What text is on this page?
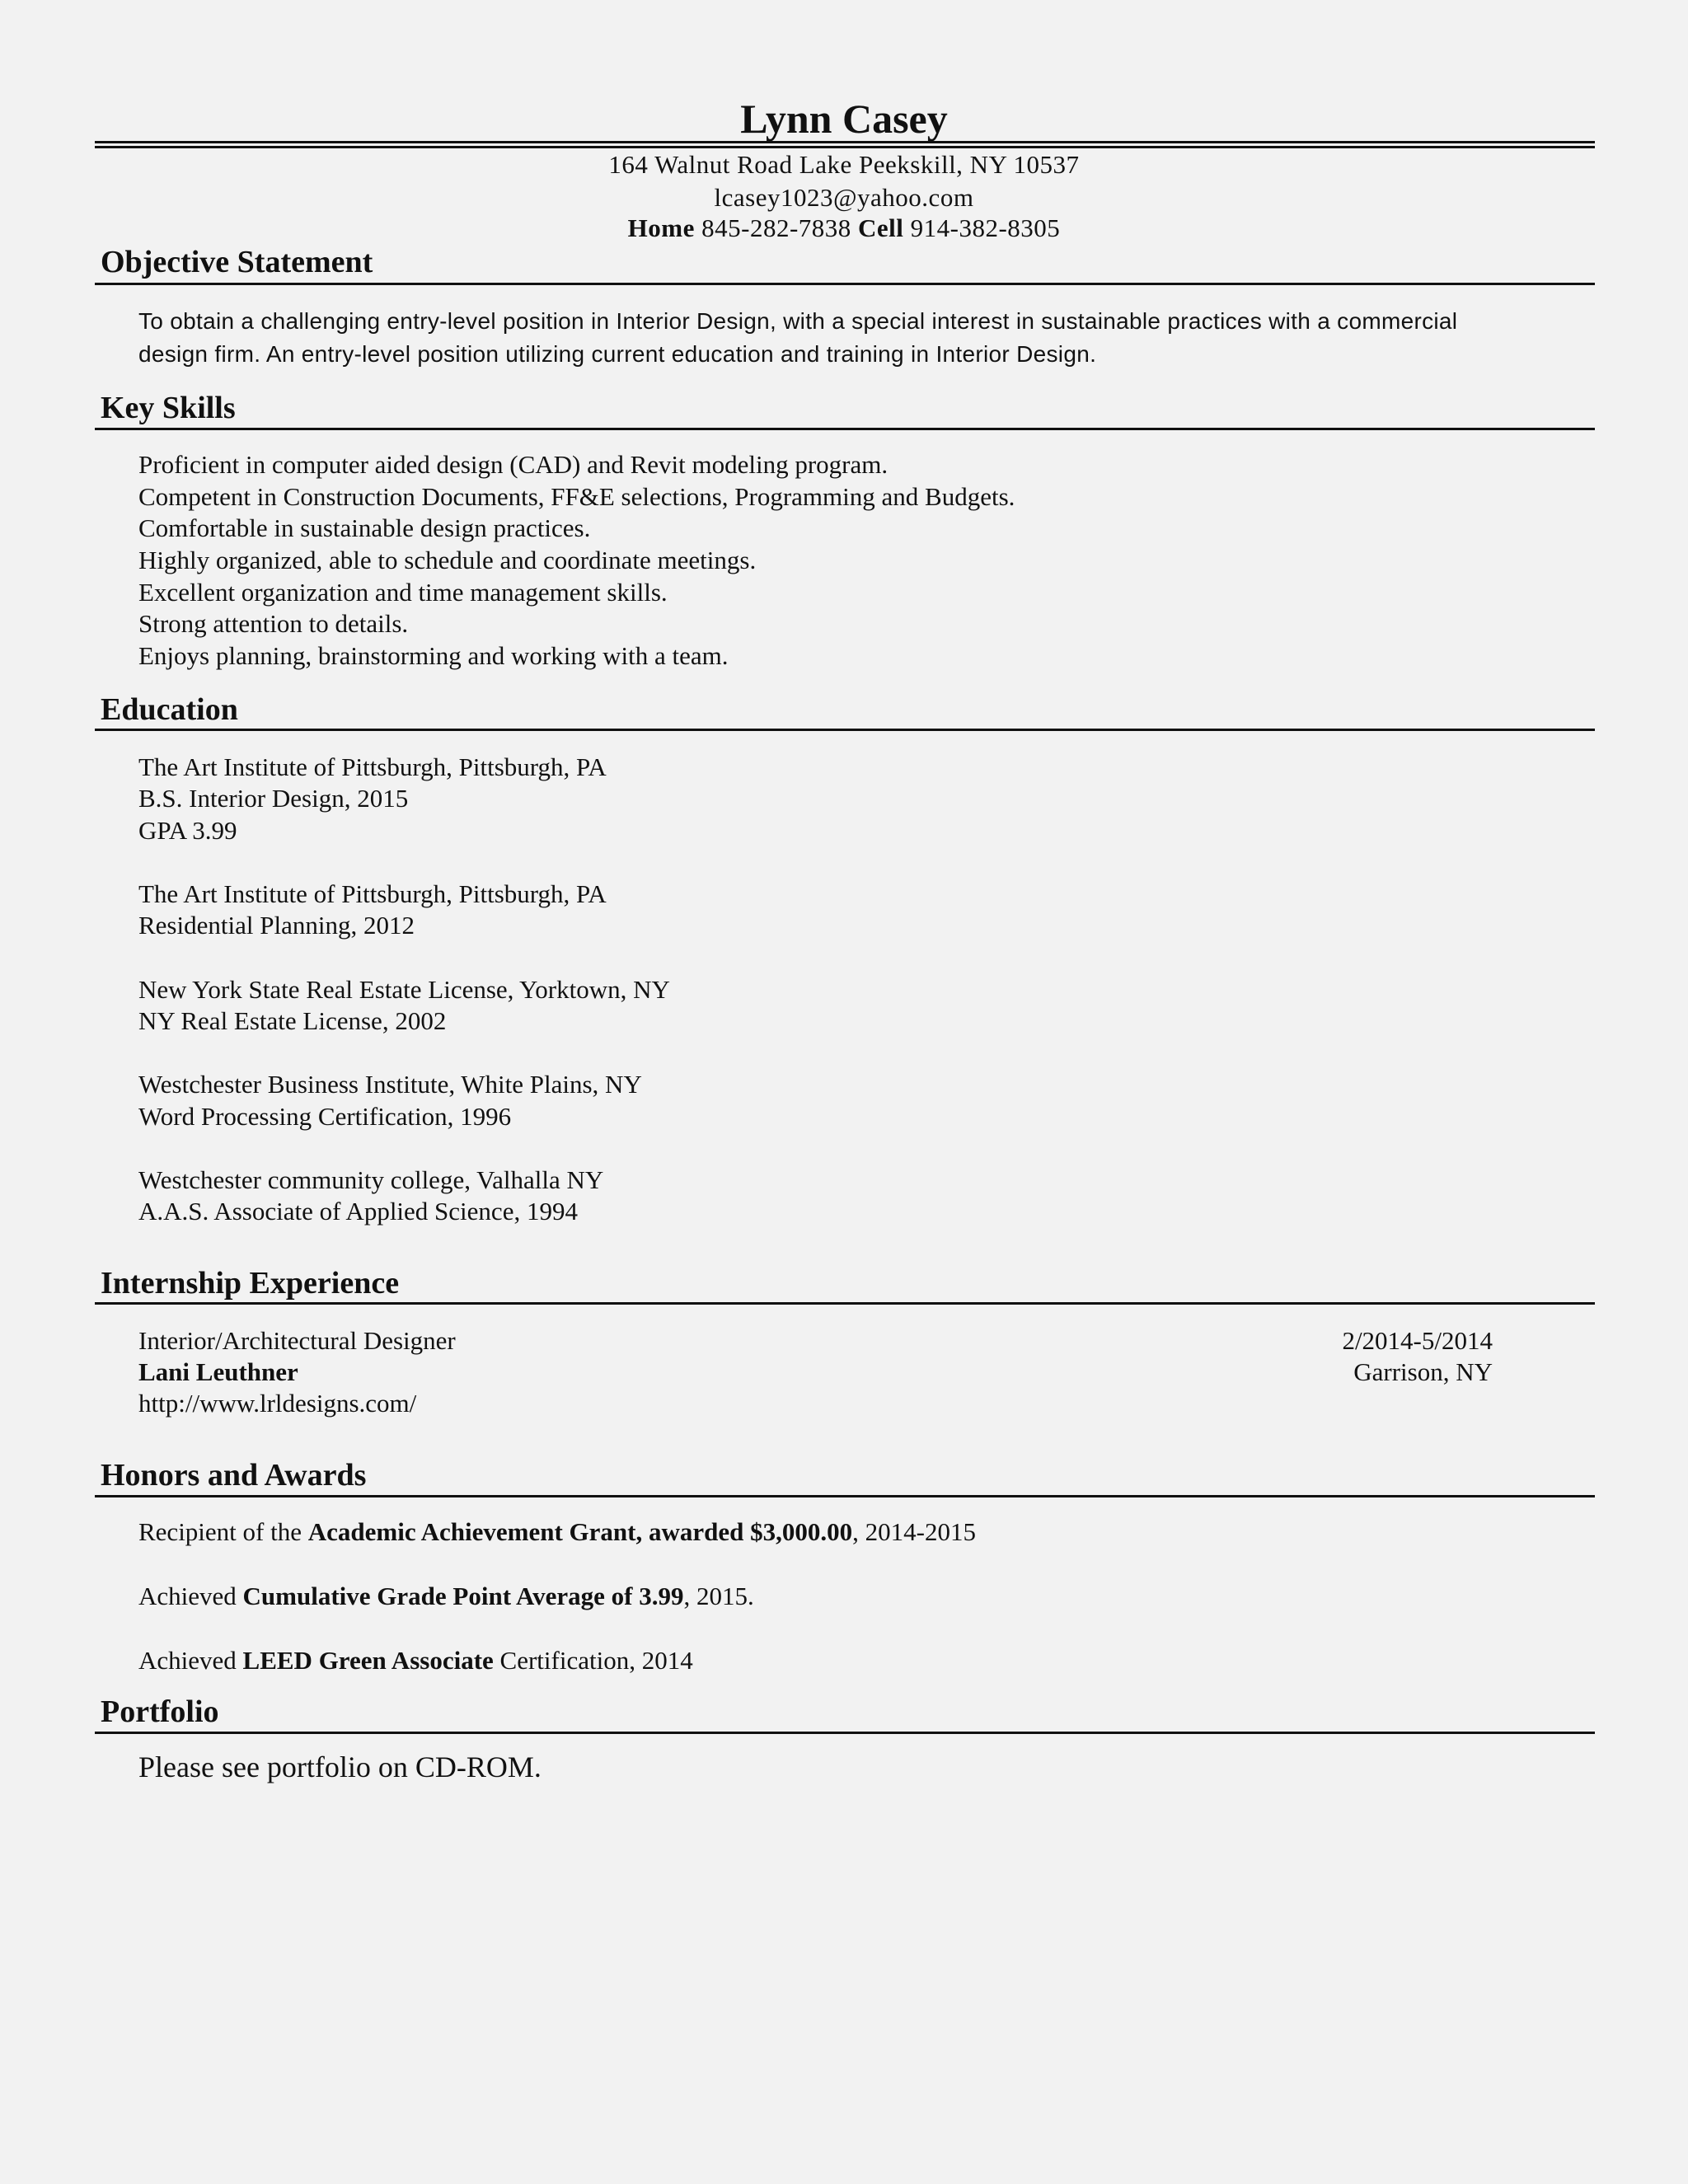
Lynn Casey
164 Walnut Road Lake Peekskill, NY 10537
lcasey1023@yahoo.com
Home 845-282-7838 Cell 914-382-8305
Objective Statement
To obtain a challenging entry-level position in Interior Design, with a special interest in sustainable practices with a commercial
design firm. An entry-level position utilizing current education and training in Interior Design.
Key Skills
Proficient in computer aided design (CAD) and Revit modeling program.
Competent in Construction Documents, FF&E selections, Programming and Budgets.
Comfortable in sustainable design practices.
Highly organized, able to schedule and coordinate meetings.
Excellent organization and time management skills.
Strong attention to details.
Enjoys planning, brainstorming and working with a team.
Education
The Art Institute of Pittsburgh, Pittsburgh, PA
B.S. Interior Design, 2015
GPA 3.99
The Art Institute of Pittsburgh, Pittsburgh, PA
Residential Planning, 2012
New York State Real Estate License, Yorktown, NY
NY Real Estate License, 2002
Westchester Business Institute, White Plains, NY
Word Processing Certification, 1996
Westchester community college, Valhalla NY
A.A.S. Associate of Applied Science, 1994
Internship Experience
Interior/Architectural Designer	2/2014-5/2014
Lani Leuthner	Garrison, NY
http://www.lrldesigns.com/
Honors and Awards
Recipient of the Academic Achievement Grant, awarded $3,000.00, 2014-2015
Achieved Cumulative Grade Point Average of 3.99, 2015.
Achieved LEED Green Associate Certification, 2014
Portfolio
Please see portfolio on CD-ROM.
